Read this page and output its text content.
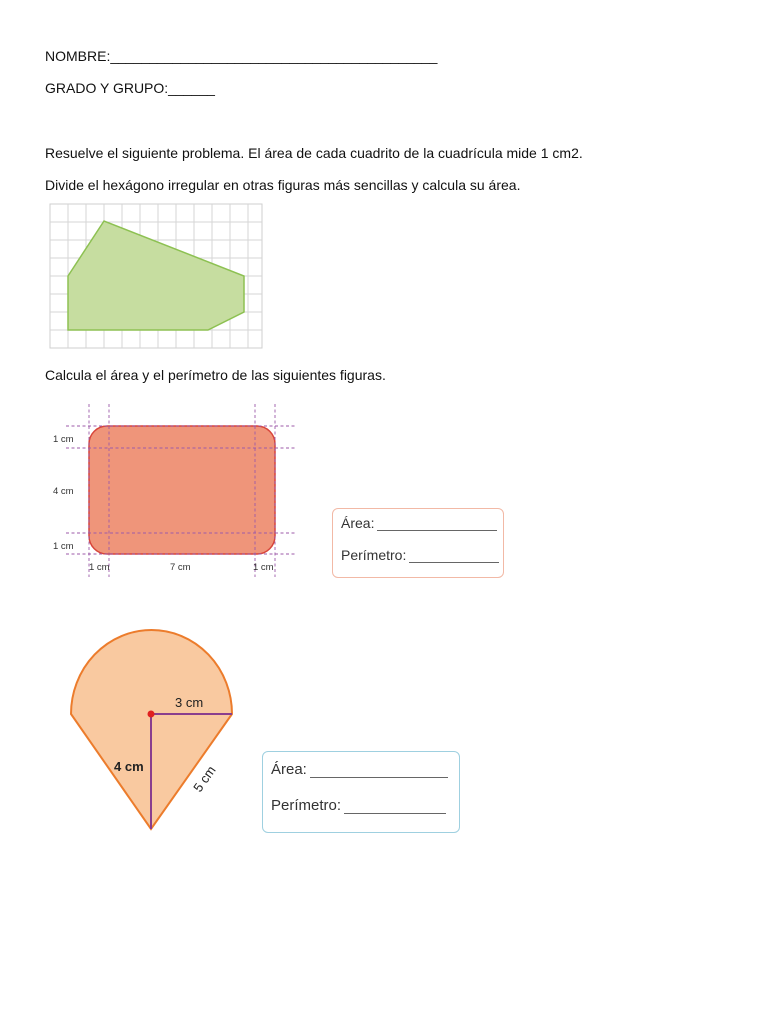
NOMBRE:__________________________________________
GRADO Y GRUPO:______
Resuelve el siguiente problema. El área de cada cuadrito de la cuadrícula mide 1 cm2.
Divide el hexágono irregular en otras figuras más sencillas y calcula su área.
Calcula el área y el perímetro de las siguientes figuras.
1 cm
4 cm
1 cm
1 cm	7 cm	1 cm
3 cm
4 cm	5 cm
Área:
Perímetro:
Área:
Perímetro:
